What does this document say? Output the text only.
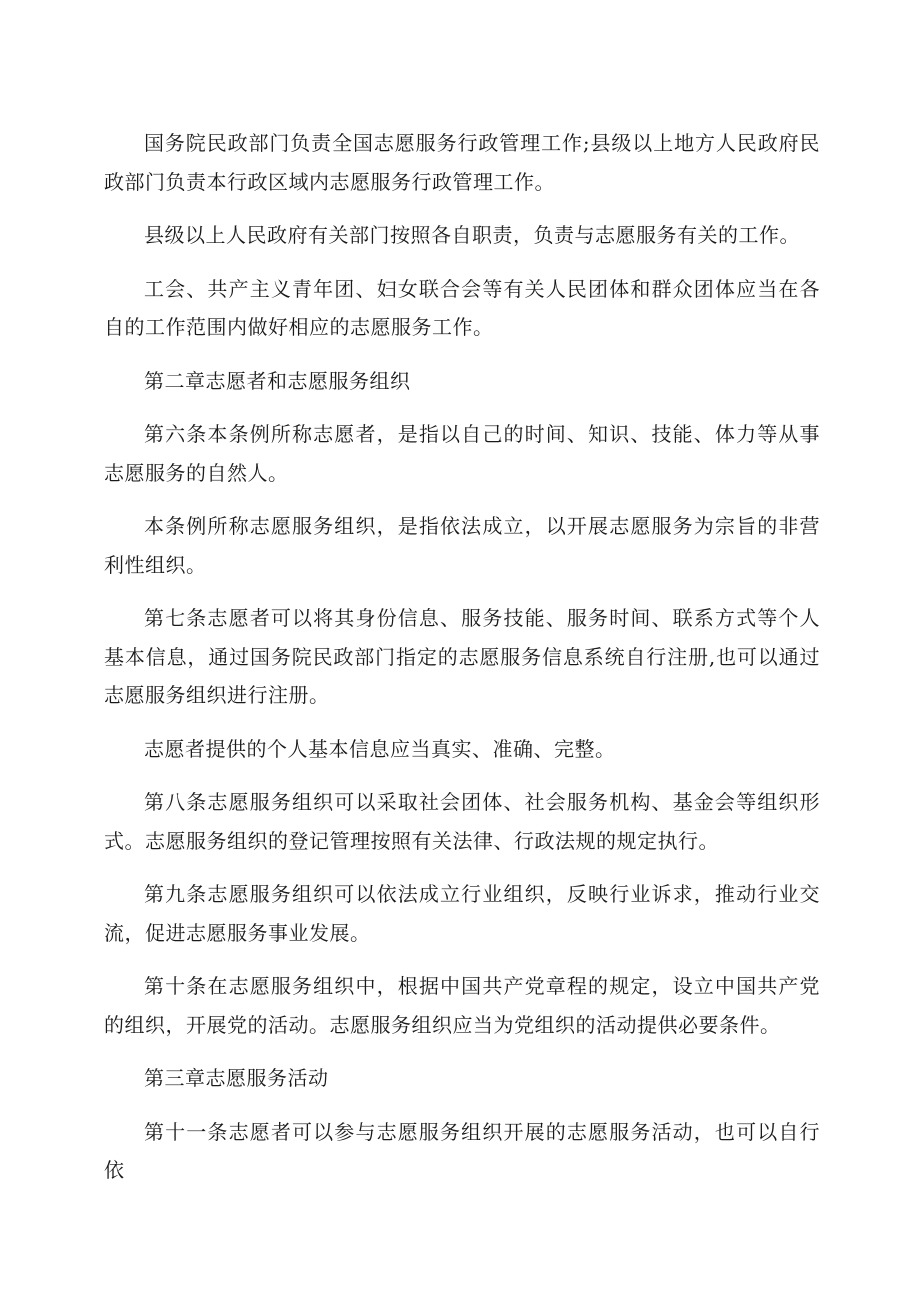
国务院民政部门负责全国志愿服务行政管理工作;县级以上地方人民政府民政部门负责本行政区域内志愿服务行政管理工作。

县级以上人民政府有关部门按照各自职责，负责与志愿服务有关的工作。

工会、共产主义青年团、妇女联合会等有关人民团体和群众团体应当在各自的工作范围内做好相应的志愿服务工作。

第二章志愿者和志愿服务组织

第六条本条例所称志愿者，是指以自己的时间、知识、技能、体力等从事志愿服务的自然人。

本条例所称志愿服务组织，是指依法成立，以开展志愿服务为宗旨的非营利性组织。

第七条志愿者可以将其身份信息、服务技能、服务时间、联系方式等个人基本信息，通过国务院民政部门指定的志愿服务信息系统自行注册,也可以通过志愿服务组织进行注册。

志愿者提供的个人基本信息应当真实、准确、完整。

第八条志愿服务组织可以采取社会团体、社会服务机构、基金会等组织形式。志愿服务组织的登记管理按照有关法律、行政法规的规定执行。

第九条志愿服务组织可以依法成立行业组织，反映行业诉求，推动行业交流，促进志愿服务事业发展。

第十条在志愿服务组织中，根据中国共产党章程的规定，设立中国共产党的组织，开展党的活动。志愿服务组织应当为党组织的活动提供必要条件。

第三章志愿服务活动

第十一条志愿者可以参与志愿服务组织开展的志愿服务活动，也可以自行依
